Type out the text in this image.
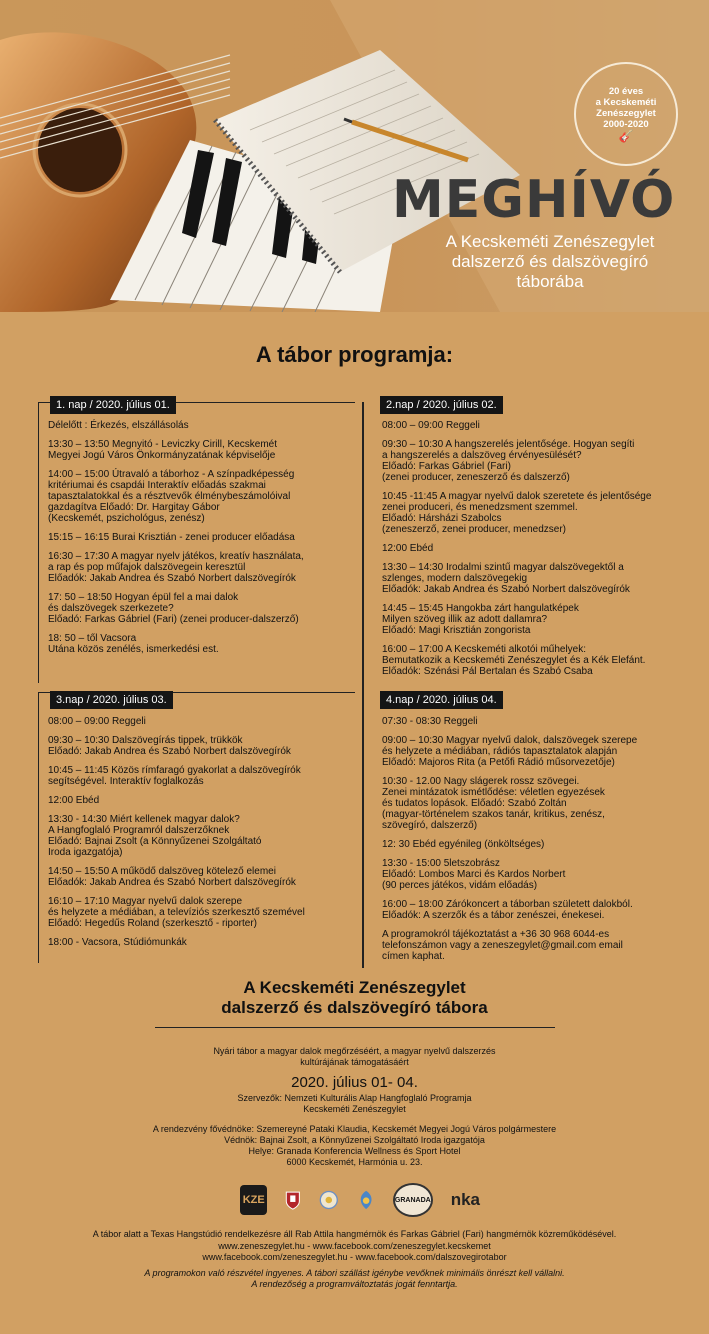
20 éves
a Kecskeméti
Zenészegylet
2000-2020
🎸
MEGHÍVÓ
A Kecskeméti Zenészegylet
dalszerző és dalszövegíró
táborába
A tábor programja:
1. nap / 2020. július 01.	2.nap / 2020. július 02.
3.nap / 2020. július 03.	4.nap / 2020. július 04.
Délelőtt : Érkezés, elszállásolás
13:30 – 13:50 Megnyitó - Leviczky Cirill, Kecskemét
Megyei Jogú Város Önkormányzatának képviselője
14:00 – 15:00 Útravaló a táborhoz - A színpadképesség
kritériumai és csapdái Interaktív előadás szakmai
tapasztalatokkal és a résztvevők élménybeszámolóival
gazdagítva Előadó: Dr. Hargitay Gábor
(Kecskemét, pszichológus, zenész)
15:15 – 16:15 Burai Krisztián - zenei producer előadása
16:30 – 17:30 A magyar nyelv játékos, kreatív használata,
a rap és pop műfajok dalszövegein keresztül
Előadók: Jakab Andrea és Szabó Norbert dalszövegírók
17: 50 – 18:50 Hogyan épül fel a mai dalok
és dalszövegek szerkezete?
Előadó: Farkas Gábriel (Fari) (zenei producer-dalszerző)
18: 50 – től Vacsora
Utána közös zenélés, ismerkedési est.
08:00 – 09:00 Reggeli
09:30 – 10:30 A hangszerelés jelentősége. Hogyan segíti
a hangszerelés a dalszöveg érvényesülését?
Előadó: Farkas Gábriel (Fari)
(zenei producer, zeneszerző és dalszerző)
10:45 -11:45 A magyar nyelvű dalok szeretete és jelentősége
zenei produceri, és menedzsment szemmel.
Előadó: Hársházi Szabolcs
(zeneszerző, zenei producer, menedzser)
12:00 Ebéd
13:30 – 14:30 Irodalmi szintű magyar dalszövegektől a
szlenges, modern dalszövegekig
Előadók: Jakab Andrea és Szabó Norbert dalszövegírók
14:45 – 15:45 Hangokba zárt hangulatképek
Milyen szöveg illik az adott dallamra?
Előadó: Magi Krisztián zongorista
16:00 – 17:00 A Kecskeméti alkotói műhelyek:
Bemutatkozik a Kecskeméti Zenészegylet és a Kék Elefánt.
Előadók: Szénási Pál Bertalan és Szabó Csaba
08:00 – 09:00 Reggeli
09:30 – 10:30 Dalszövegírás tippek, trükkök
Előadó: Jakab Andrea és Szabó Norbert dalszövegírók
10:45 – 11:45 Közös rímfaragó gyakorlat a dalszövegírók
segítségével. Interaktív foglalkozás
12:00 Ebéd
13:30 - 14:30 Miért kellenek magyar dalok?
A Hangfoglaló Programról dalszerzőknek
Előadó: Bajnai Zsolt (a Könnyűzenei Szolgáltató
Iroda igazgatója)
14:50 – 15:50 A működő dalszöveg kötelező elemei
Előadók: Jakab Andrea és Szabó Norbert dalszövegírók
16:10 – 17:10 Magyar nyelvű dalok szerepe
és helyzete a médiában, a televíziós szerkesztő szemével
Előadó: Hegedűs Roland (szerkesztő - riporter)
18:00 - Vacsora, Stúdiómunkák
07:30 - 08:30 Reggeli
09:00 – 10:30 Magyar nyelvű dalok, dalszövegek szerepe
és helyzete a médiában, rádiós tapasztalatok alapján
Előadó: Majoros Rita (a Petőfi Rádió műsorvezetője)
10:30 - 12.00 Nagy slágerek rossz szövegei.
Zenei mintázatok ismétlődése: véletlen egyezések
és tudatos lopások. Előadó: Szabó Zoltán
(magyar-történelem szakos tanár, kritikus, zenész,
szövegíró, dalszerző)
12: 30 Ebéd egyénileg (önköltséges)
13:30 - 15:00 5letszobrász
Előadó: Lombos Marci és Kardos Norbert
(90 perces játékos, vidám előadás)
16:00 – 18:00 Zárókoncert a táborban született dalokból.
Előadók: A szerzők és a tábor zenészei, énekesei.
A programokról tájékoztatást a +36 30 968 6044-es
telefonszámon vagy a zeneszegylet@gmail.com email
címen kaphat.
A Kecskeméti Zenészegylet
dalszerző és dalszövegíró tábora
Nyári tábor a magyar dalok megőrzéséért, a magyar nyelvű dalszerzés
kultúrájának támogatásáért
2020. július 01- 04.
Szervezők: Nemzeti Kulturális Alap Hangfoglaló Programja
Kecskeméti Zenészegylet
A rendezvény fővédnöke: Szemereyné Pataki Klaudia, Kecskemét Megyei Jogú Város polgármestere
Védnök: Bajnai Zsolt, a Könnyűzenei Szolgáltató Iroda igazgatója
Helye: Granada Konferencia Wellness és Sport Hotel
6000 Kecskemét, Harmónia u. 23.
KZE	GRANADA nka
A tábor alatt a Texas Hangstúdió rendelkezésre áll Rab Attila hangmérnök és Farkas Gábriel (Fari) hangmérnök közreműködésével.
www.zeneszegylet.hu - www.facebook.com/zeneszegylet.kecskemet
www.facebook.com/zeneszegylet.hu - www.facebook.com/dalszovegirotabor
A programokon való részvétel ingyenes. A tábori szállást igénybe vevőknek minimális önrészt kell vállalni.
A rendezőség a programváltoztatás jogát fenntartja.
